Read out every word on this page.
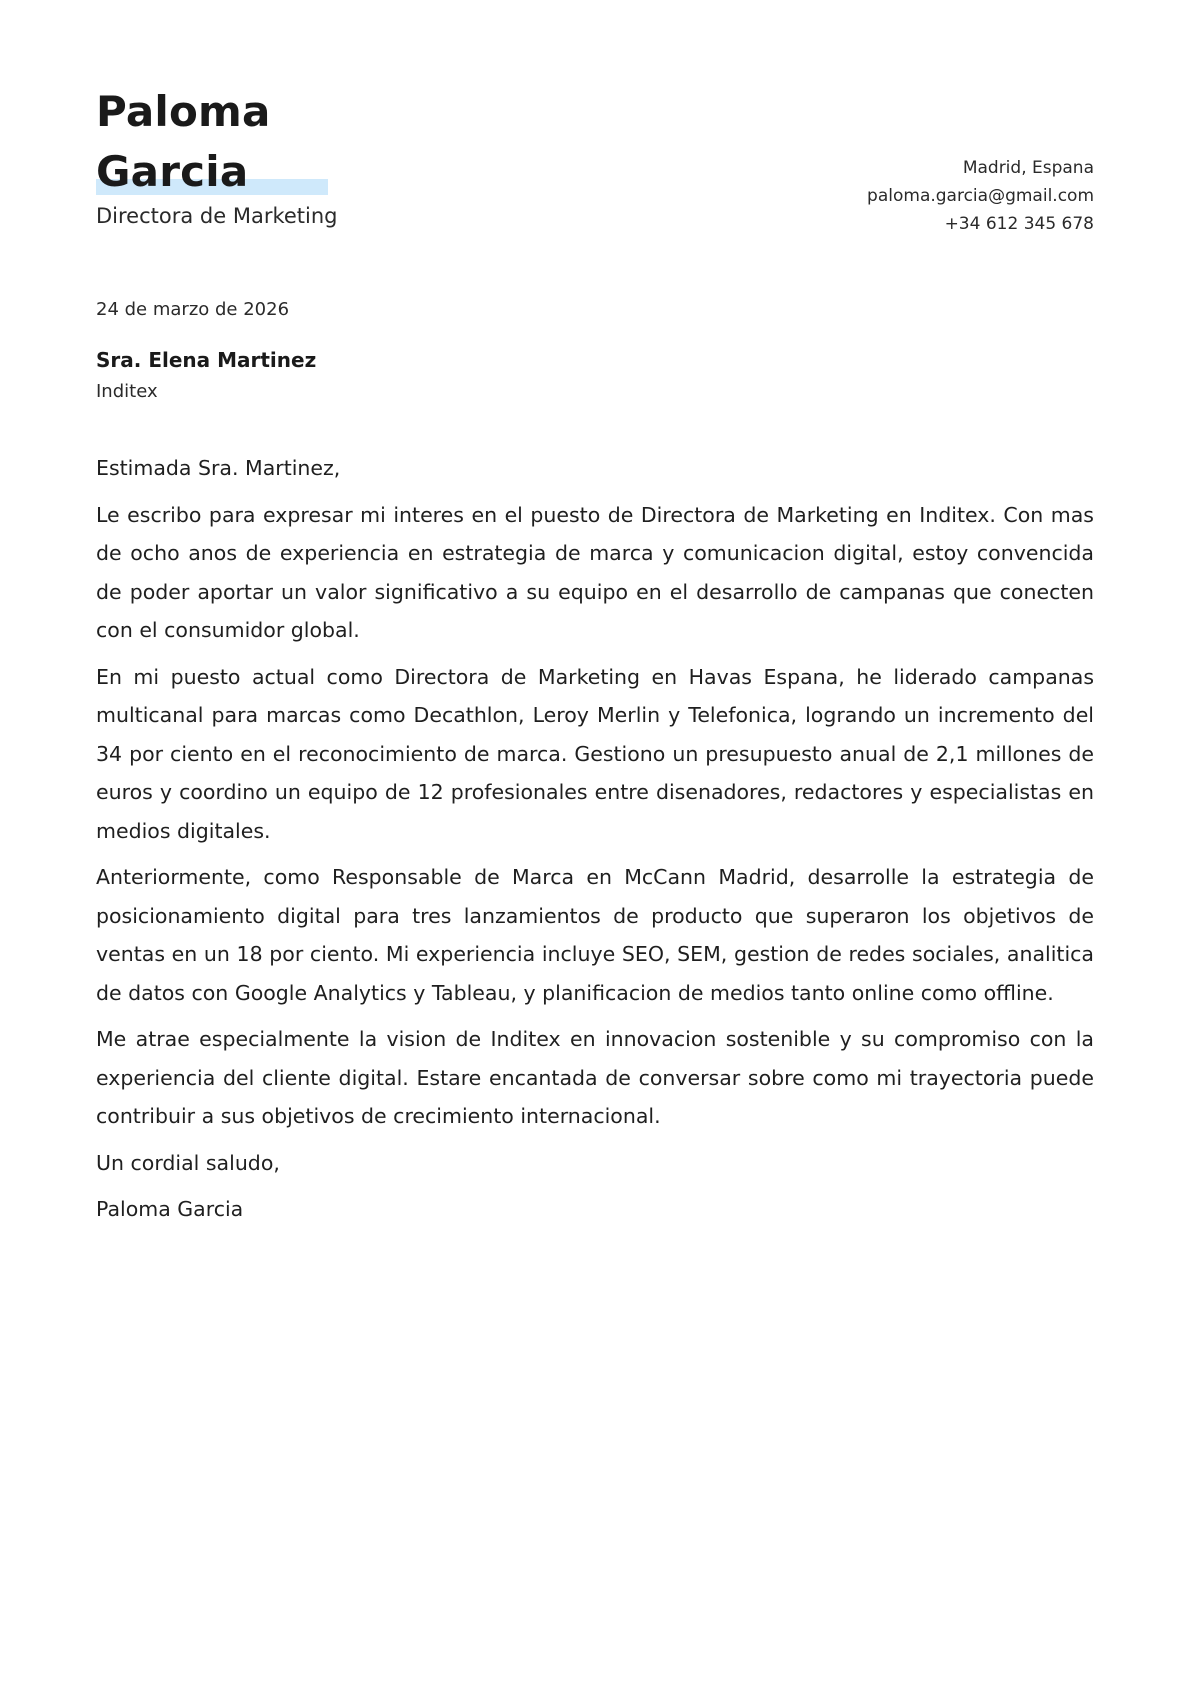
Paloma
Garcia
Directora de Marketing
Madrid, Espana
paloma.garcia@gmail.com
+34 612 345 678
24 de marzo de 2026
Sra. Elena Martinez
Inditex

Estimada Sra. Martinez,

Le escribo para expresar mi interes en el puesto de Directora de Marketing en Inditex. Con mas de ocho anos de experiencia en estrategia de marca y comunicacion digital, estoy convencida de poder aportar un valor significativo a su equipo en el desarrollo de campanas que conecten con el consumidor global.

En mi puesto actual como Directora de Marketing en Havas Espana, he liderado campanas multicanal para marcas como Decathlon, Leroy Merlin y Telefonica, logrando un incremento del 34 por ciento en el reconocimiento de marca. Gestiono un presupuesto anual de 2,1 millones de euros y coordino un equipo de 12 profesionales entre disenadores, redactores y especialistas en medios digitales.

Anteriormente, como Responsable de Marca en McCann Madrid, desarrolle la estrategia de posicionamiento digital para tres lanzamientos de producto que superaron los objetivos de ventas en un 18 por ciento. Mi experiencia incluye SEO, SEM, gestion de redes sociales, analitica de datos con Google Analytics y Tableau, y planificacion de medios tanto online como offline.

Me atrae especialmente la vision de Inditex en innovacion sostenible y su compromiso con la experiencia del cliente digital. Estare encantada de conversar sobre como mi trayectoria puede contribuir a sus objetivos de crecimiento internacional.

Un cordial saludo,

Paloma Garcia
